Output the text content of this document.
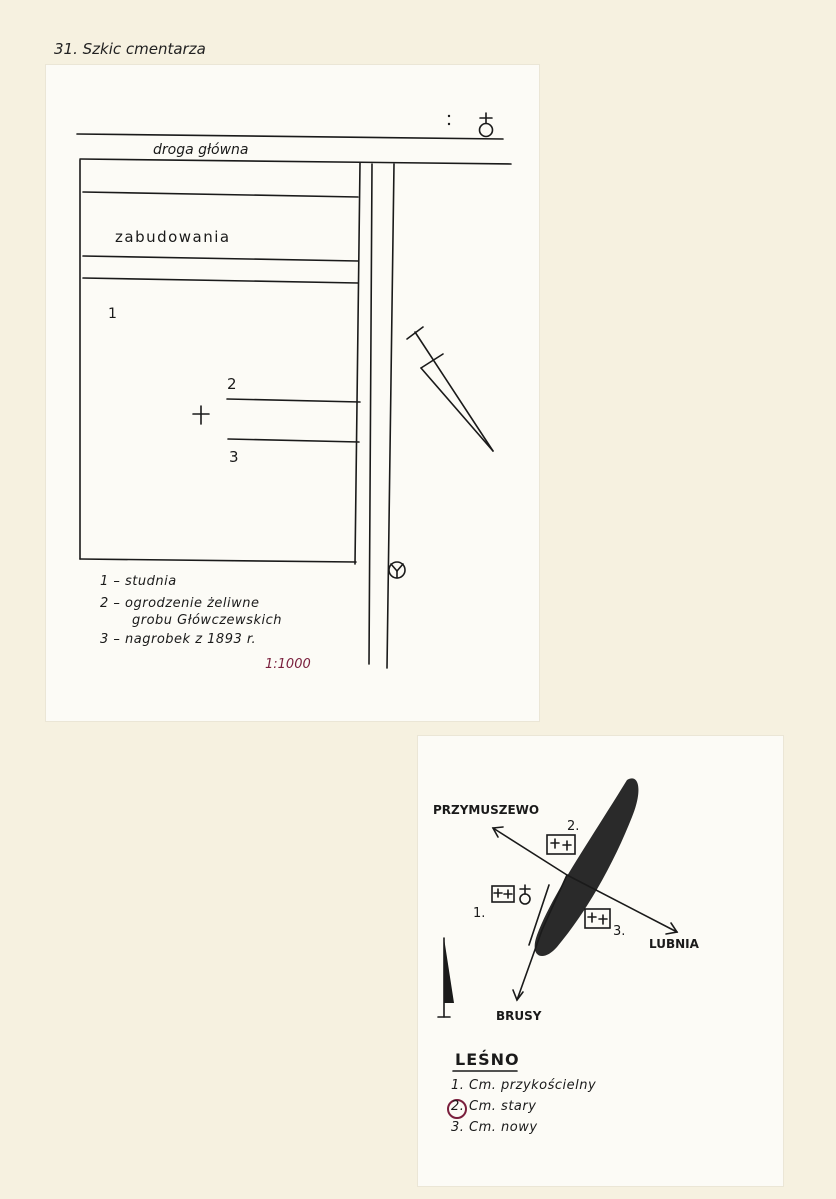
31. Szkic cmentarza
droga główna
zabudowania
1
2
3
1:1000
1 – studnia
2 – ogrodzenie żeliwne
grobu Główczewskich
3 – nagrobek z 1893 r.
2.
1.
3.
PRZYMUSZEWO
LUBNIA
BRUSY
LEŚNO
1. Cm. przykościelny
2. Cm. stary
3. Cm. nowy
